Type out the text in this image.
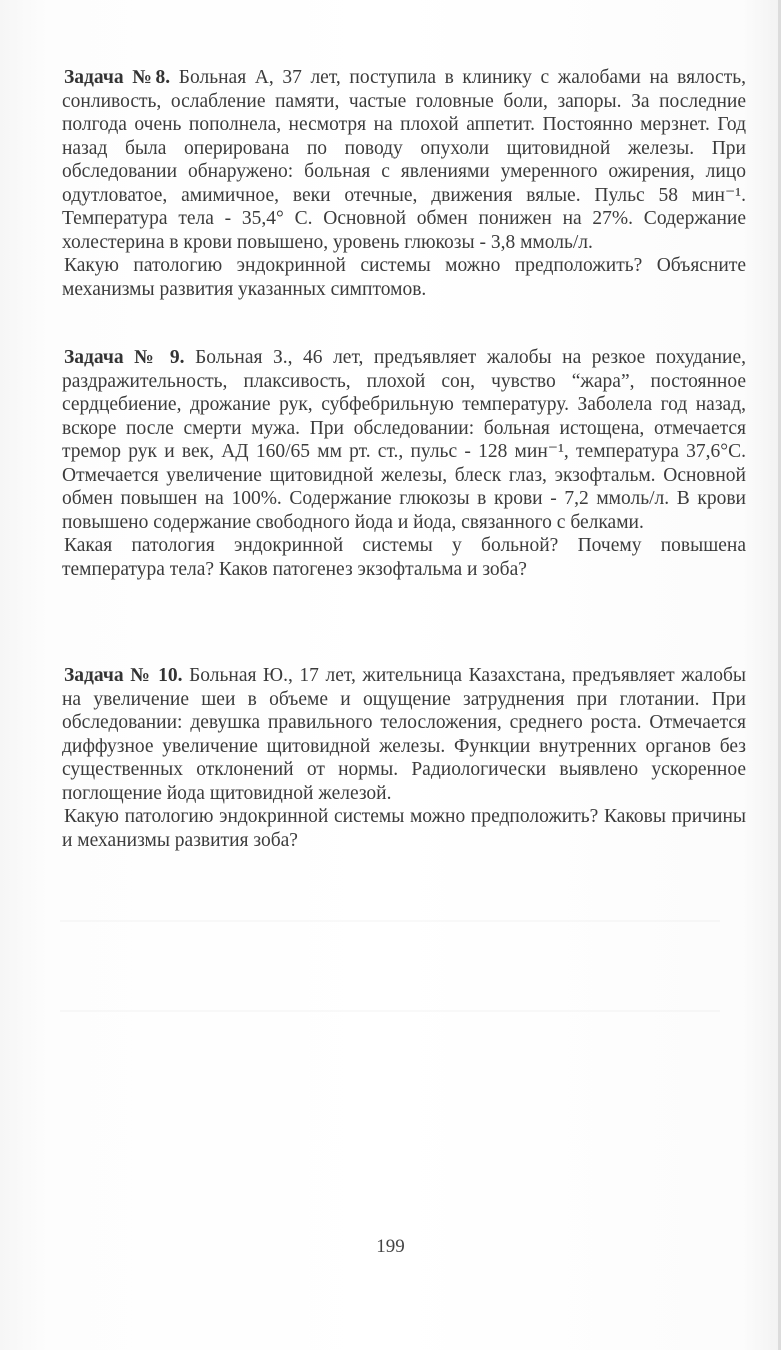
Задача №8. Больная А, 37 лет, поступила в клинику с жалобами на вялость, сонливость, ослабление памяти, частые головные боли, запоры. За последние полгода очень пополнела, несмотря на плохой аппетит. Постоянно мерзнет. Год назад была оперирована по поводу опухоли щитовидной железы. При обследовании обнаружено: больная с явлениями умеренного ожирения, лицо одутловатое, амимичное, веки отечные, движения вялые. Пульс 58 мин⁻¹. Температура тела - 35,4° С. Основной обмен понижен на 27%. Содержание холестерина в крови повышено, уровень глюкозы - 3,8 ммоль/л.

Какую патологию эндокринной системы можно предположить? Объясните механизмы развития указанных симптомов.

Задача № 9. Больная З., 46 лет, предъявляет жалобы на резкое похудание, раздражительность, плаксивость, плохой сон, чувство “жара”, постоянное сердцебиение, дрожание рук, субфебрильную температуру. Заболела год назад, вскоре после смерти мужа. При обследовании: больная истощена, отмечается тремор рук и век, АД 160/65 мм рт. ст., пульс - 128 мин⁻¹, температура 37,6°С. Отмечается увеличение щитовидной железы, блеск глаз, экзофтальм. Основной обмен повышен на 100%. Содержание глюкозы в крови - 7,2 ммоль/л. В крови повышено содержание свободного йода и йода, связанного с белками.

Какая патология эндокринной системы у больной? Почему повышена температура тела? Каков патогенез экзофтальма и зоба?

Задача № 10. Больная Ю., 17 лет, жительница Казахстана, предъявляет жалобы на увеличение шеи в объеме и ощущение затруднения при глотании. При обследовании: девушка правильного телосложения, среднего роста. Отмечается диффузное увеличение щитовидной железы. Функции внутренних органов без существенных отклонений от нормы. Радиологически выявлено ускоренное поглощение йода щитовидной железой.

Какую патологию эндокринной системы можно предположить? Каковы причины и механизмы развития зоба?

199
